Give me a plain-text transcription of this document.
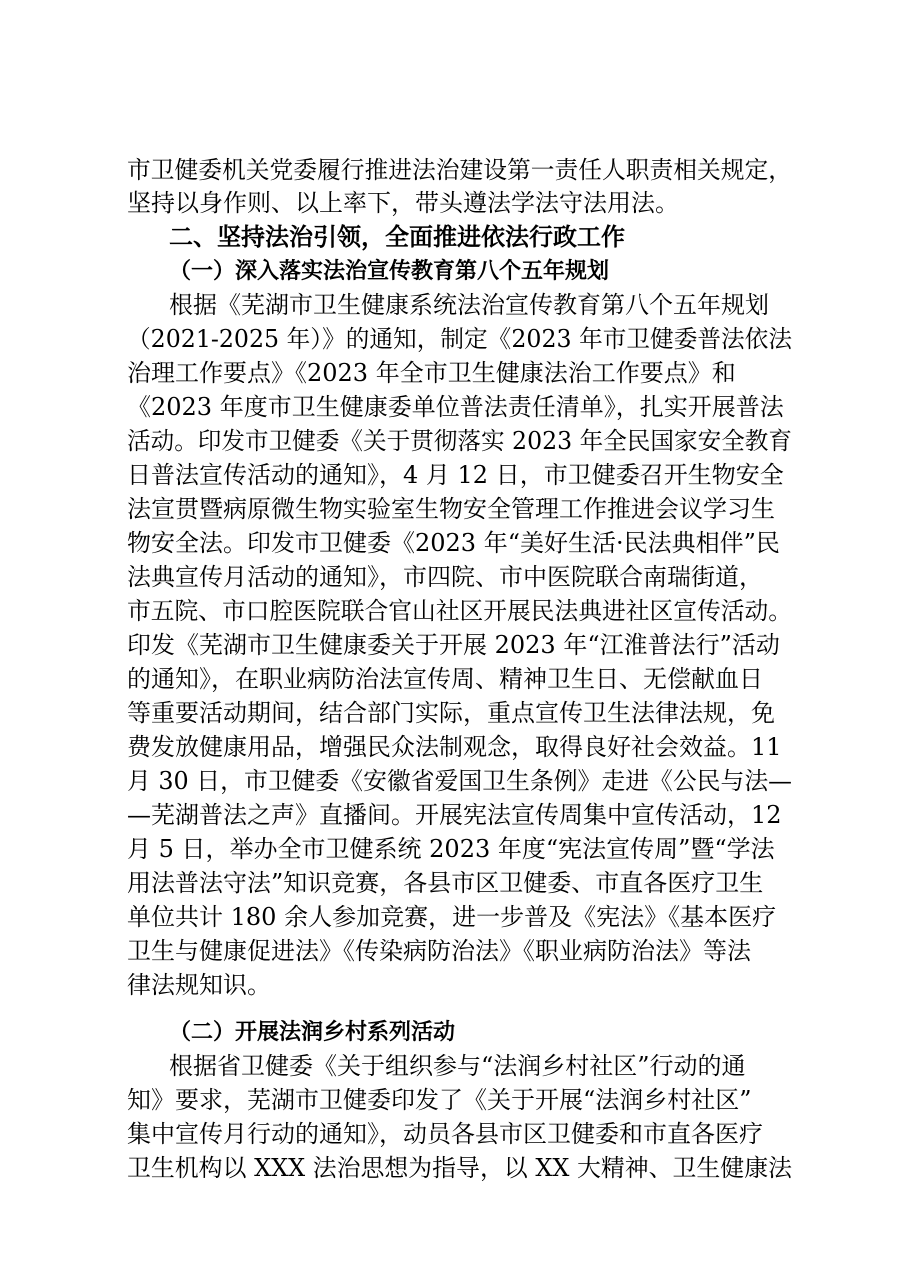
市卫健委机关党委履行推进法治建设第一责任人职责相关规定，
坚持以身作则、以上率下，带头遵法学法守法用法。
二、坚持法治引领，全面推进依法行政工作
（一）深入落实法治宣传教育第八个五年规划
根据《芜湖市卫生健康系统法治宣传教育第八个五年规划
（2021-2025 年）》的通知，制定《2023 年市卫健委普法依法
治理工作要点》《2023 年全市卫生健康法治工作要点》和
《2023 年度市卫生健康委单位普法责任清单》，扎实开展普法
活动。印发市卫健委《关于贯彻落实 2023 年全民国家安全教育
日普法宣传活动的通知》，4 月 12 日，市卫健委召开生物安全
法宣贯暨病原微生物实验室生物安全管理工作推进会议学习生
物安全法。印发市卫健委《2023 年“美好生活·民法典相伴”民
法典宣传月活动的通知》，市四院、市中医院联合南瑞街道，
市五院、市口腔医院联合官山社区开展民法典进社区宣传活动。
印发《芜湖市卫生健康委关于开展 2023 年“江淮普法行”活动
的通知》，在职业病防治法宣传周、精神卫生日、无偿献血日
等重要活动期间，结合部门实际，重点宣传卫生法律法规，免
费发放健康用品，增强民众法制观念，取得良好社会效益。11
月 30 日，市卫健委《安徽省爱国卫生条例》走进《公民与法—
—芜湖普法之声》直播间。开展宪法宣传周集中宣传活动，12
月 5 日，举办全市卫健系统 2023 年度“宪法宣传周”暨“学法
用法普法守法”知识竞赛，各县市区卫健委、市直各医疗卫生
单位共计 180 余人参加竞赛，进一步普及《宪法》《基本医疗
卫生与健康促进法》《传染病防治法》《职业病防治法》等法
律法规知识。
（二）开展法润乡村系列活动
根据省卫健委《关于组织参与“法润乡村社区”行动的通
知》要求，芜湖市卫健委印发了《关于开展“法润乡村社区”
集中宣传月行动的通知》，动员各县市区卫健委和市直各医疗
卫生机构以 XXX 法治思想为指导，以 XX 大精神、卫生健康法
